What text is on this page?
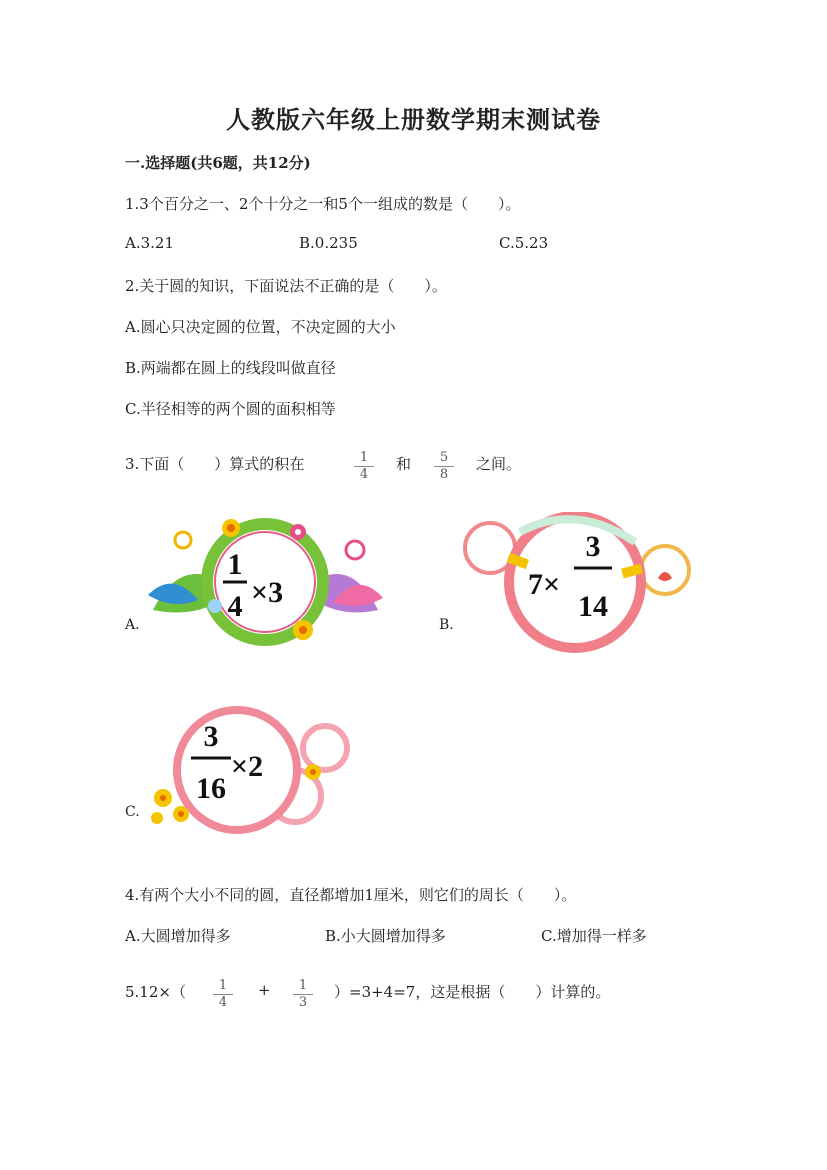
人教版六年级上册数学期末测试卷
一.选择题(共6题，共12分)
1.3个百分之一、2个十分之一和5个一组成的数是（　　）。
A.3.21	B.0.235	C.5.23
2.关于圆的知识，下面说法不正确的是（　　）。
A.圆心只决定圆的位置，不决定圆的大小
B.两端都在圆上的线段叫做直径
C.半径相等的两个圆的面积相等
3.下面（　　）算式的积在	$\frac{1}{4}$ 和 $\frac{5}{8}$ 之间。
A.
1
4 ×3
B.
7×
3
14
C.
3
16
×2
4.有两个大小不同的圆，直径都增加1厘米，则它们的周长（　　）。
A.大圆增加得多	B.小大圆增加得多	C.增加得一样多
$5.12\times( \frac{1}{4} + \frac{1}{3} )=3+4=7$，这是根据（　　）计算的。
